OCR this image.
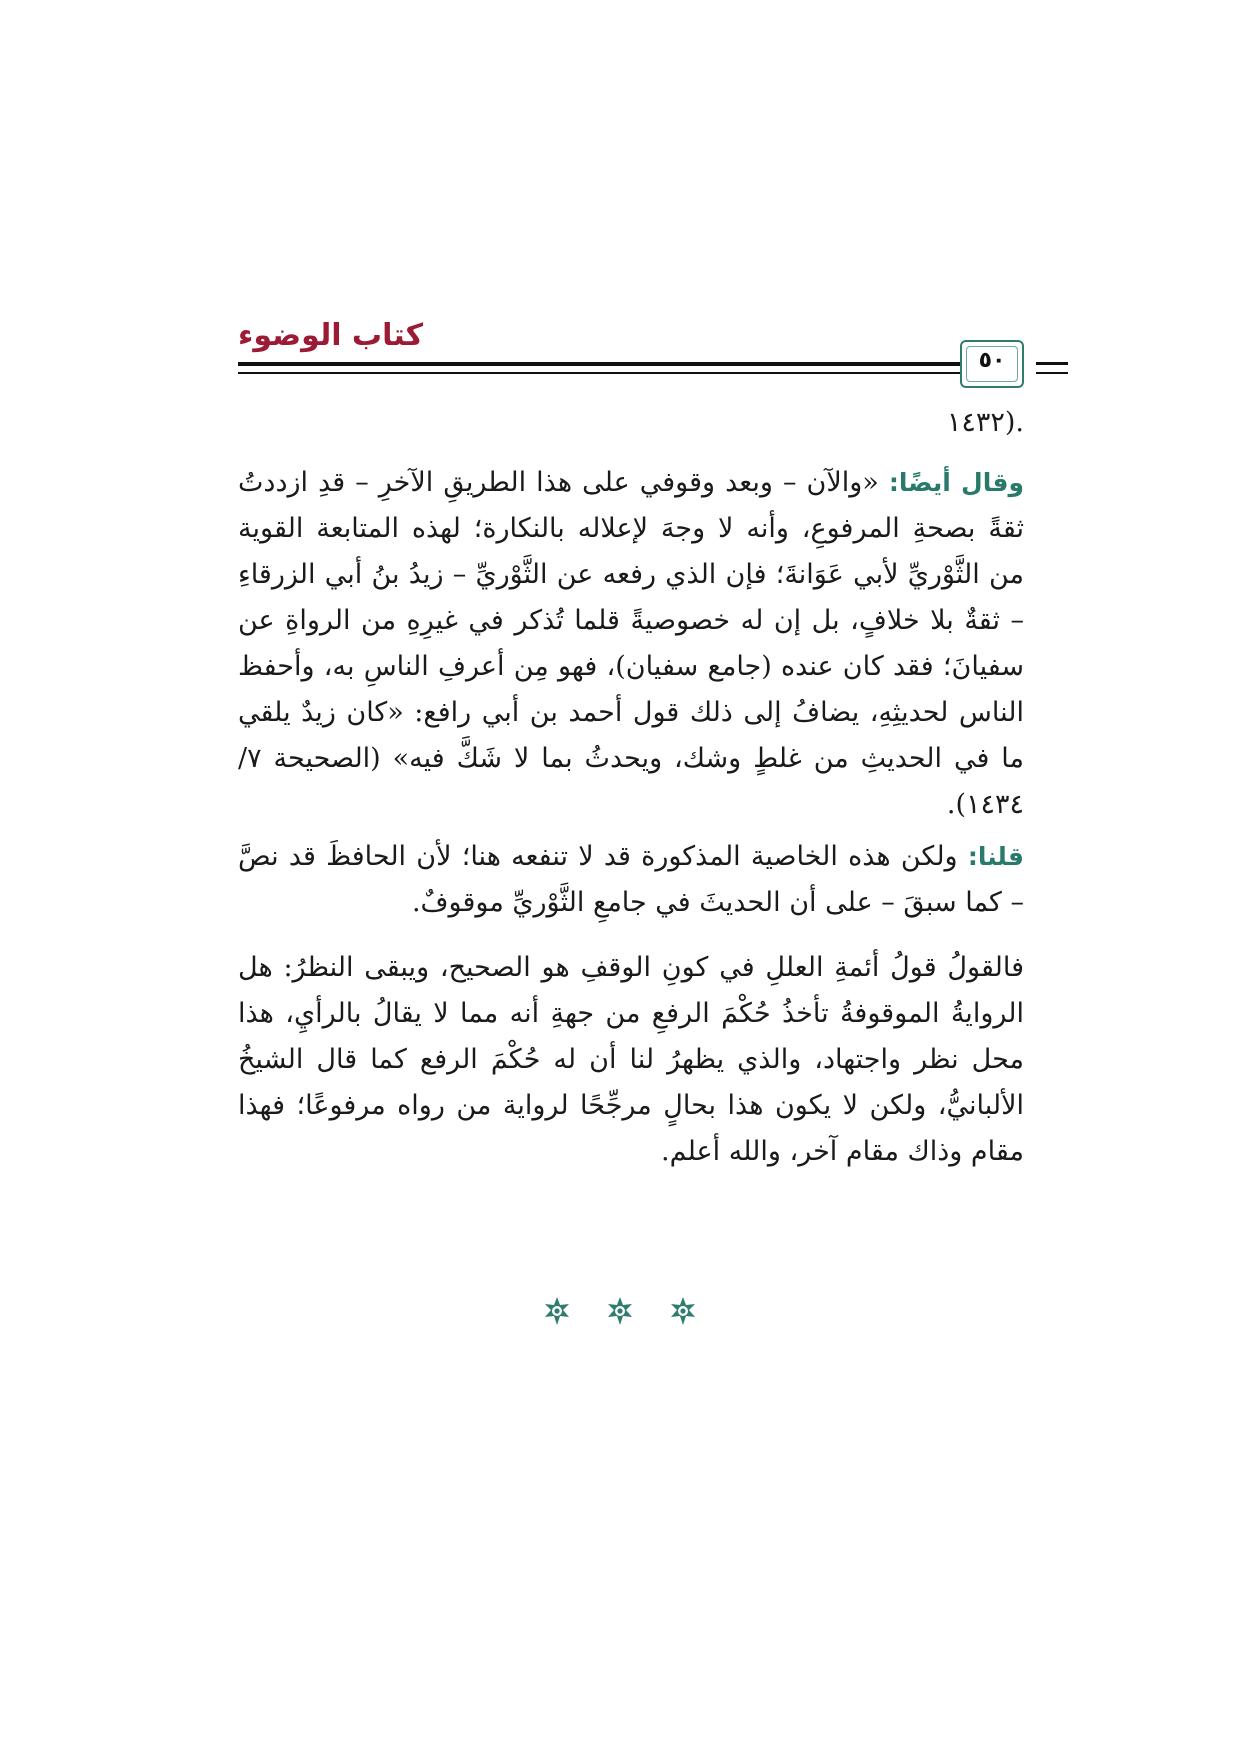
كتاب الوضوء
٥٠
.(١٤٣٢
وقال أيضًا: «والآن – وبعد وقوفي على هذا الطريقِ الآخرِ – قدِ ازددتُ ثقةً بصحةِ المرفوعِ، وأنه لا وجهَ لإعلاله بالنكارة؛ لهذه المتابعة القوية من الثَّوْريِّ لأبي عَوَانةَ؛ فإن الذي رفعه عن الثَّوْريِّ – زيدُ بنُ أبي الزرقاءِ – ثقةٌ بلا خلافٍ، بل إن له خصوصيةً قلما تُذكر في غيرِهِ من الرواةِ عن سفيانَ؛ فقد كان عنده (جامع سفيان)، فهو مِن أعرفِ الناسِ به، وأحفظ الناس لحديثِهِ، يضافُ إلى ذلك قول أحمد بن أبي رافع: «كان زيدٌ يلقي ما في الحديثِ من غلطٍ وشك، ويحدثُ بما لا شَكَّ فيه» (الصحيحة ٧/ ١٤٣٤).
قلنا: ولكن هذه الخاصية المذكورة قد لا تنفعه هنا؛ لأن الحافظَ قد نصَّ – كما سبقَ – على أن الحديثَ في جامعِ الثَّوْريِّ موقوفٌ.
فالقولُ قولُ أئمةِ العللِ في كونِ الوقفِ هو الصحيح، ويبقى النظرُ: هل الروايةُ الموقوفةُ تأخذُ حُكْمَ الرفعِ من جهةِ أنه مما لا يقالُ بالرأيِ، هذا محل نظر واجتهاد، والذي يظهرُ لنا أن له حُكْمَ الرفع كما قال الشيخُ الألبانيُّ، ولكن لا يكون هذا بحالٍ مرجِّحًا لرواية من رواه مرفوعًا؛ فهذا مقام وذاك مقام آخر، والله أعلم.
